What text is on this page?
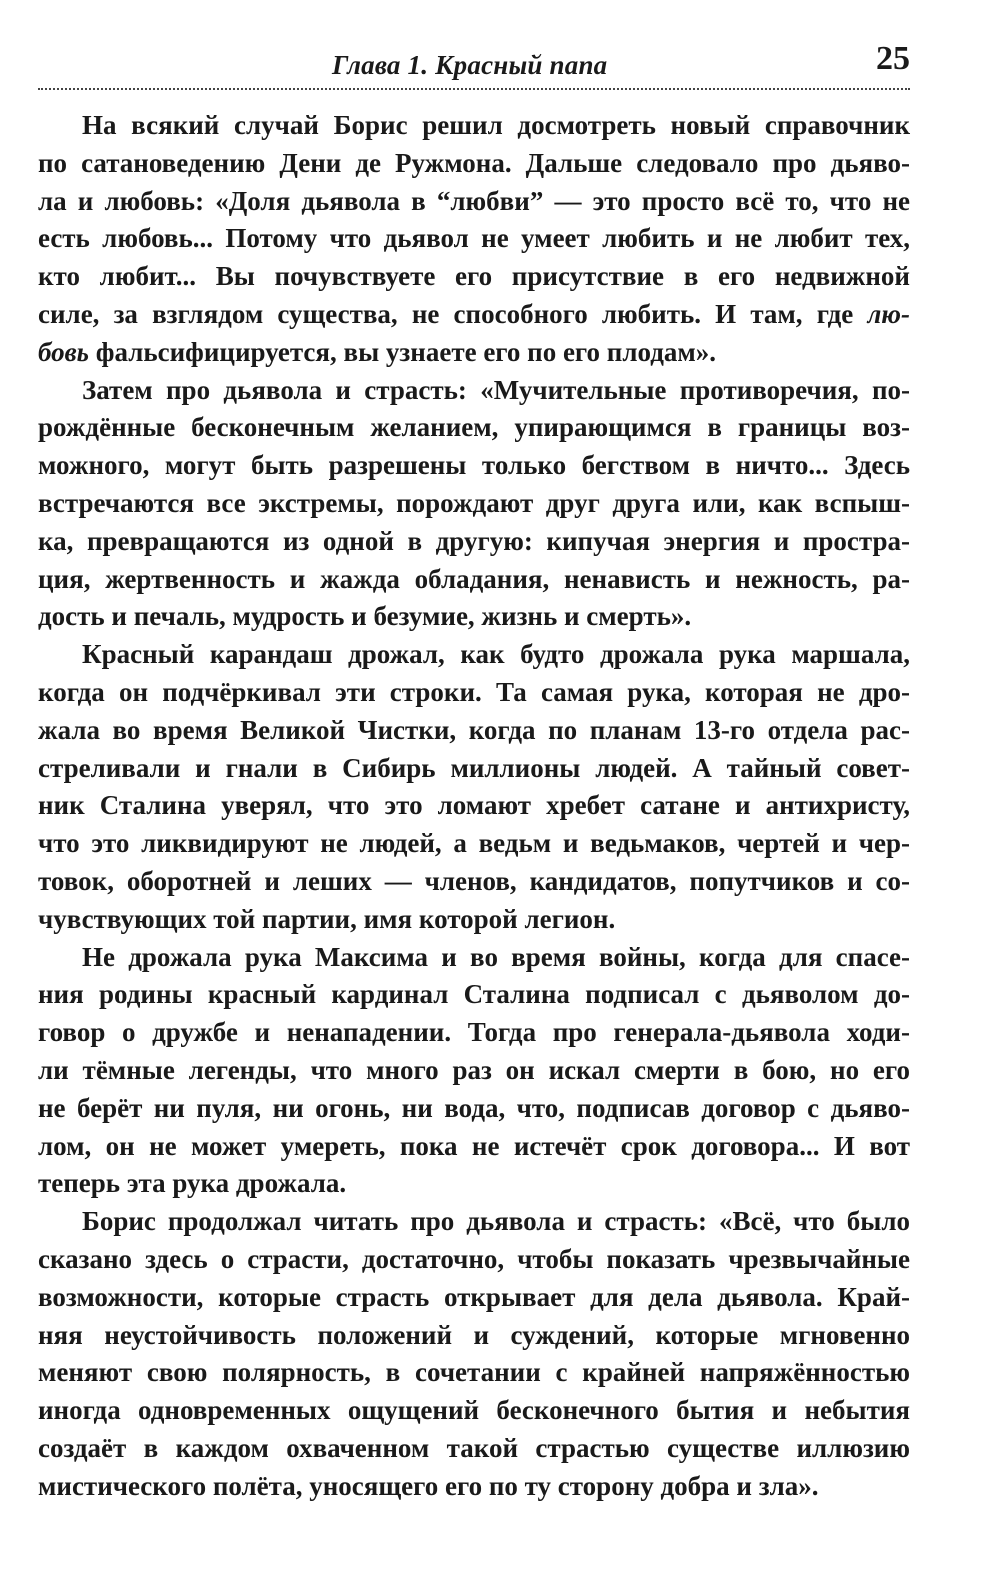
Глава 1. Красный папа	25

На всякий случай Борис решил досмотреть новый справочник
по сатановедению Дени де Ружмона. Дальше следовало про дьяво-
ла и любовь: «Доля дьявола в “любви” — это просто всё то, что не
есть любовь... Потому что дьявол не умеет любить и не любит тех,
кто любит... Вы почувствуете его присутствие в его недвижной
силе, за взглядом существа, не способного любить. И там, где лю-
бовь фальсифицируется, вы узнаете его по его плодам».

Затем про дьявола и страсть: «Мучительные противоречия, по-
рождённые бесконечным желанием, упирающимся в границы воз-
можного, могут быть разрешены только бегством в ничто... Здесь
встречаются все экстремы, порождают друг друга или, как вспыш-
ка, превращаются из одной в другую: кипучая энергия и простра-
ция, жертвенность и жажда обладания, ненависть и нежность, ра-
дость и печаль, мудрость и безумие, жизнь и смерть».

Красный карандаш дрожал, как будто дрожала рука маршала,
когда он подчёркивал эти строки. Та самая рука, которая не дро-
жала во время Великой Чистки, когда по планам 13-го отдела рас-
стреливали и гнали в Сибирь миллионы людей. А тайный совет-
ник Сталина уверял, что это ломают хребет сатане и антихристу,
что это ликвидируют не людей, а ведьм и ведьмаков, чертей и чер-
товок, оборотней и леших — членов, кандидатов, попутчиков и со-
чувствующих той партии, имя которой легион.

Не дрожала рука Максима и во время войны, когда для спасе-
ния родины красный кардинал Сталина подписал с дьяволом до-
говор о дружбе и ненападении. Тогда про генерала-дьявола ходи-
ли тёмные легенды, что много раз он искал смерти в бою, но его
не берёт ни пуля, ни огонь, ни вода, что, подписав договор с дьяво-
лом, он не может умереть, пока не истечёт срок договора... И вот
теперь эта рука дрожала.

Борис продолжал читать про дьявола и страсть: «Всё, что было
сказано здесь о страсти, достаточно, чтобы показать чрезвычайные
возможности, которые страсть открывает для дела дьявола. Край-
няя неустойчивость положений и суждений, которые мгновенно
меняют свою полярность, в сочетании с крайней напряжённостью
иногда одновременных ощущений бесконечного бытия и небытия
создаёт в каждом охваченном такой страстью существе иллюзию
мистического полёта, уносящего его по ту сторону добра и зла».
